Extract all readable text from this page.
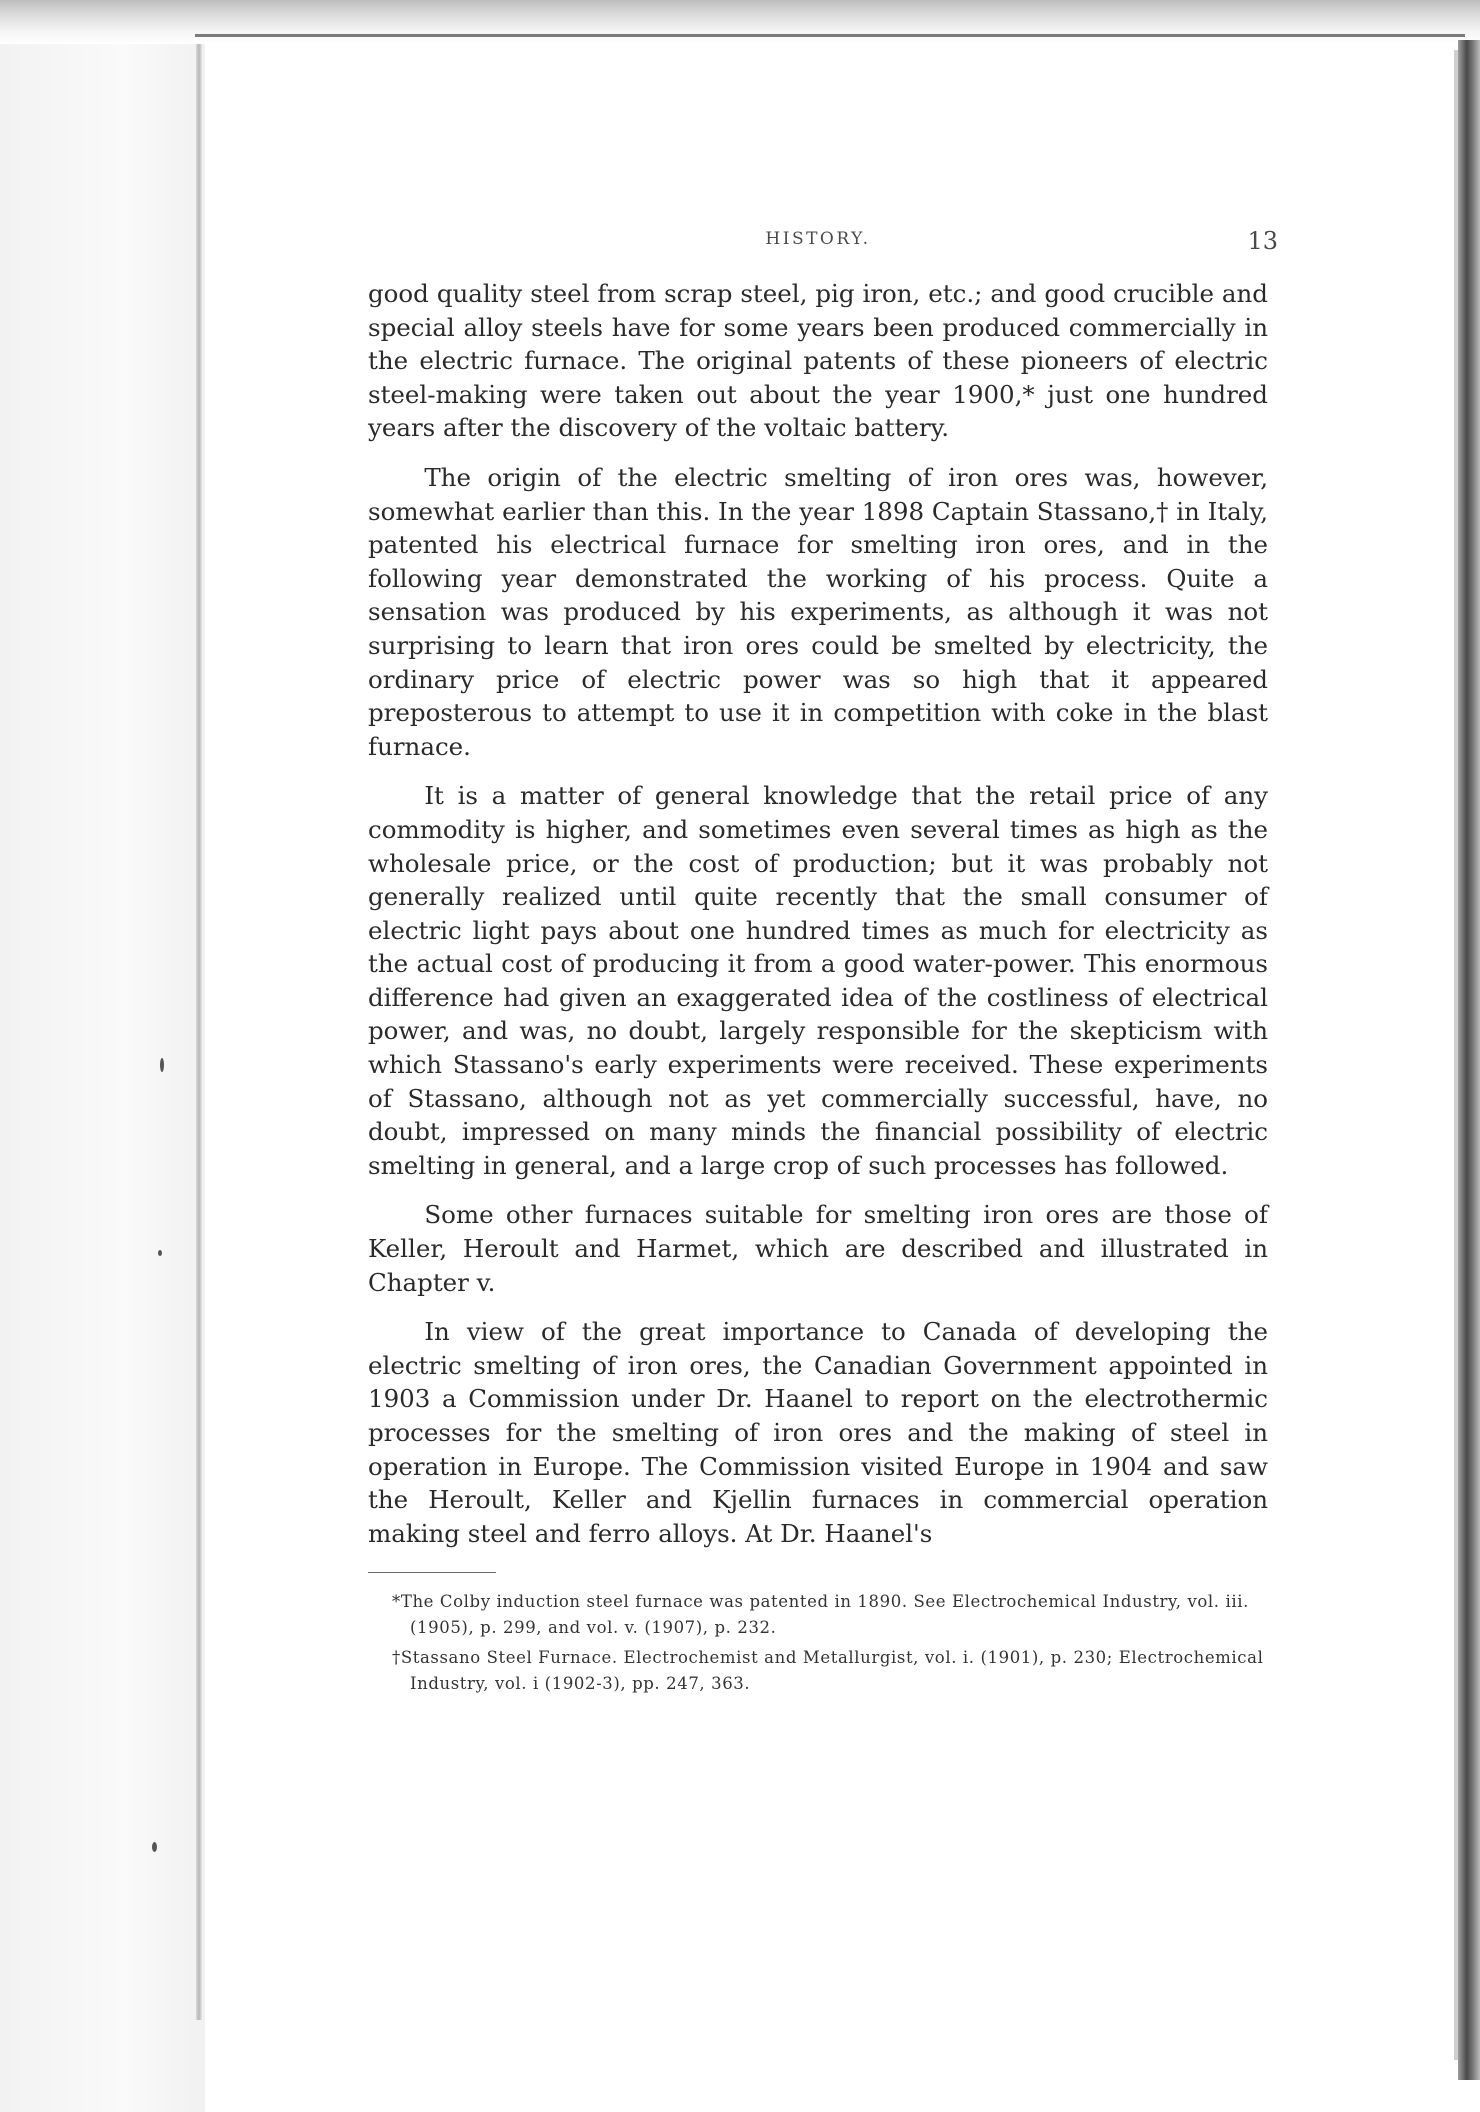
HISTORY.	13

good quality steel from scrap steel, pig iron, etc.; and good crucible and special alloy steels have for some years been produced commercially in the electric furnace. The original patents of these pioneers of electric steel-making were taken out about the year 1900,* just one hundred years after the discovery of the voltaic battery.

The origin of the electric smelting of iron ores was, however, somewhat earlier than this. In the year 1898 Captain Stassano,† in Italy, patented his electrical furnace for smelting iron ores, and in the following year demonstrated the working of his process. Quite a sensation was produced by his experiments, as although it was not surprising to learn that iron ores could be smelted by electricity, the ordinary price of electric power was so high that it appeared preposterous to attempt to use it in competition with coke in the blast furnace.

It is a matter of general knowledge that the retail price of any commodity is higher, and sometimes even several times as high as the wholesale price, or the cost of production; but it was probably not generally realized until quite recently that the small consumer of electric light pays about one hundred times as much for electricity as the actual cost of producing it from a good water-power. This enormous difference had given an exaggerated idea of the costliness of electrical power, and was, no doubt, largely responsible for the skepticism with which Stassano's early experiments were received. These experiments of Stassano, although not as yet commercially successful, have, no doubt, impressed on many minds the financial possibility of electric smelting in general, and a large crop of such processes has followed.

Some other furnaces suitable for smelting iron ores are those of Keller, Heroult and Harmet, which are described and illustrated in Chapter v.

In view of the great importance to Canada of developing the electric smelting of iron ores, the Canadian Government appointed in 1903 a Commission under Dr. Haanel to report on the electrothermic processes for the smelting of iron ores and the making of steel in operation in Europe. The Commission visited Europe in 1904 and saw the Heroult, Keller and Kjellin furnaces in commercial operation making steel and ferro alloys. At Dr. Haanel's

*The Colby induction steel furnace was patented in 1890. See Electrochemical Industry, vol. iii. (1905), p. 299, and vol. v. (1907), p. 232.
†Stassano Steel Furnace. Electrochemist and Metallurgist, vol. i. (1901), p. 230; Electrochemical Industry, vol. i (1902-3), pp. 247, 363.
